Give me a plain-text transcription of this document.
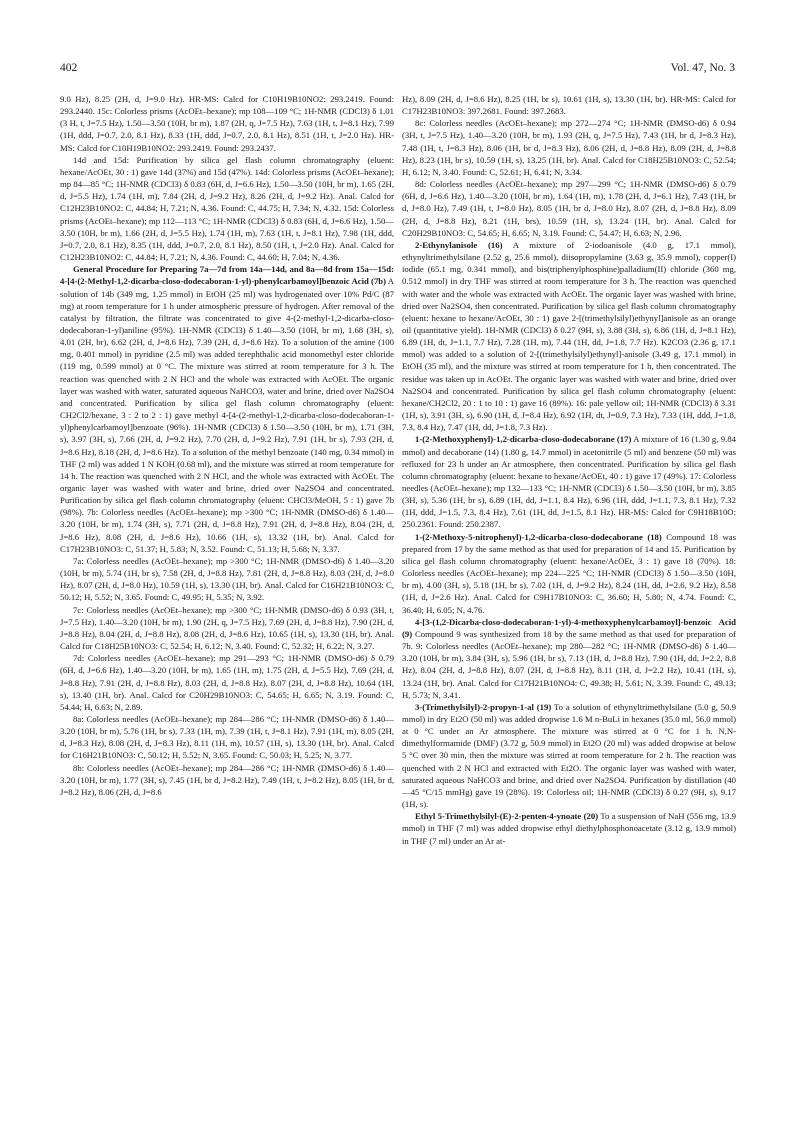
402	Vol. 47, No. 3

9.0 Hz), 8.25 (2H, d, J=9.0 Hz). HR-MS: Calcd for C10H19B10NO2: 293.2419. Found: 293.2440. 15c: Colorless prisms (AcOEt–hexane); mp 108—109 °C; 1H-NMR (CDCl3) δ 1.01 (3 H, t, J=7.5 Hz), 1.50—3.50 (10H, br m), 1.87 (2H, q, J=7.5 Hz), 7.63 (1H, t, J=8.1 Hz), 7.99 (1H, ddd, J=0.7, 2.0, 8.1 Hz), 8.33 (1H, ddd, J=0.7, 2.0, 8.1 Hz), 8.51 (1H, t, J=2.0 Hz). HR-MS: Calcd for C10H19B10NO2: 293.2419. Found: 293.2437.

14d and 15d: Purification by silica gel flash column chromatography (eluent: hexane/AcOEt, 30 : 1) gave 14d (37%) and 15d (47%). 14d: Colorless prisms (AcOEt–hexane); mp 84—85 °C; 1H-NMR (CDCl3) δ 0.83 (6H, d, J=6.6 Hz), 1.50—3.50 (10H, br m), 1.65 (2H, d, J=5.5 Hz), 1.74 (1H, m), 7.84 (2H, d, J=9.2 Hz), 8.26 (2H, d, J=9.2 Hz). Anal. Calcd for C12H23B10NO2: C, 44.84; H, 7.21; N, 4.36. Found: C, 44.75; H, 7.34; N, 4.32. 15d: Colorless prisms (AcOEt–hexane); mp 112—113 °C; 1H-NMR (CDCl3) δ 0.83 (6H, d, J=6.6 Hz), 1.50—3.50 (10H, br m), 1.66 (2H, d, J=5.5 Hz), 1.74 (1H, m), 7.63 (1H, t, J=8.1 Hz), 7.98 (1H, ddd, J=0.7, 2.0, 8.1 Hz), 8.35 (1H, ddd, J=0.7, 2.0, 8.1 Hz), 8.50 (1H, t, J=2.0 Hz). Anal. Calcd for C12H23B10NO2: C, 44.84; H, 7.21; N, 4.36. Found: C, 44.60; H, 7.04; N, 4.36.

General Procedure for Preparing 7a—7d from 14a—14d, and 8a—8d from 15a—15d: 4-[4-(2-Methyl-1,2-dicarba-closo-dodecaboran-1-yl)-phenylcarbamoyl]benzoic Acid (7b) A solution of 14b (349 mg, 1.25 mmol) in EtOH (25 ml) was hydrogenated over 10% Pd/C (87 mg) at room temperature for 1 h under atmospheric pressure of hydrogen. After removal of the catalyst by filtration, the filtrate was concentrated to give 4-(2-methyl-1,2-dicarba-closo-dodecaboran-1-yl)aniline (95%). 1H-NMR (CDCl3) δ 1.40—3.50 (10H, br m), 1.68 (3H, s), 4.01 (2H, br), 6.62 (2H, d, J=8.6 Hz), 7.39 (2H, d, J=8.6 Hz). To a solution of the amine (100 mg, 0.401 mmol) in pyridine (2.5 ml) was added terephthalic acid monomethyl ester chloride (119 mg, 0.599 mmol) at 0 °C. The mixture was stirred at room temperature for 3 h. The reaction was quenched with 2 N HCl and the whole was extracted with AcOEt. The organic layer was washed with water, saturated aqueous NaHCO3, water and brine, dried over Na2SO4 and concentrated. Purification by silica gel flash column chromatography (eluent: CH2Cl2/hexane, 3 : 2 to 2 : 1) gave methyl 4-[4-(2-methyl-1,2-dicarba-closo-dodecaboran-1-yl)phenylcarbamoyl]benzoate (96%). 1H-NMR (CDCl3) δ 1.50—3.50 (10H, br m), 1.71 (3H, s), 3.97 (3H, s), 7.66 (2H, d, J=9.2 Hz), 7.70 (2H, d, J=9.2 Hz), 7.91 (1H, br s), 7.93 (2H, d, J=8.6 Hz), 8.18 (2H, d, J=8.6 Hz). To a solution of the methyl benzoate (140 mg, 0.34 mmol) in THF (2 ml) was added 1 N KOH (0.68 ml), and the mixture was stirred at room temperature for 14 h. The reaction was quenched with 2 N HCl, and the whole was extracted with AcOEt. The organic layer was washed with water and brine, dried over Na2SO4 and concentrated. Purification by silica gel flash column chromatography (eluent: CHCl3/MeOH, 5 : 1) gave 7b (98%). 7b: Colorless needles (AcOEt–hexane); mp >300 °C; 1H-NMR (DMSO-d6) δ 1.40—3.20 (10H, br m), 1.74 (3H, s), 7.71 (2H, d, J=8.8 Hz), 7.91 (2H, d, J=8.8 Hz), 8.04 (2H, d, J=8.6 Hz), 8.08 (2H, d, J=8.6 Hz), 10.66 (1H, s), 13.32 (1H, br). Anal. Calcd for C17H23B10NO3: C, 51.37; H, 5.83; N, 3.52. Found: C, 51.13; H, 5.68; N, 3.37.

7a: Colorless needles (AcOEt–hexane); mp >300 °C; 1H-NMR (DMSO-d6) δ 1.40—3.20 (10H, br m), 5.74 (1H, br s), 7.58 (2H, d, J=8.8 Hz), 7.81 (2H, d, J=8.8 Hz), 8.03 (2H, d, J=8.0 Hz), 8.07 (2H, d, J=8.0 Hz), 10.59 (1H, s), 13.30 (1H, br). Anal. Calcd for C16H21B10NO3: C, 50.12; H, 5.52; N, 3.65. Found: C, 49.95; H, 5.35; N, 3.92.

7c: Colorless needles (AcOEt–hexane); mp >300 °C; 1H-NMR (DMSO-d6) δ 0.93 (3H, t, J=7.5 Hz), 1.40—3.20 (10H, br m), 1.90 (2H, q, J=7.5 Hz), 7.69 (2H, d, J=8.8 Hz), 7.90 (2H, d, J=8.8 Hz), 8.04 (2H, d, J=8.8 Hz), 8.08 (2H, d, J=8.6 Hz), 10.65 (1H, s), 13.30 (1H, br). Anal. Calcd for C18H25B10NO3: C, 52.54; H, 6.12; N, 3.40. Found: C, 52.32; H, 6.22; N, 3.27.

7d: Colorless needles (AcOEt–hexane); mp 291—293 °C; 1H-NMR (DMSO-d6) δ 0.79 (6H, d, J=6.6 Hz), 1.40—3.20 (10H, br m), 1.65 (1H, m), 1.75 (2H, d, J=5.5 Hz), 7.69 (2H, d, J=8.8 Hz), 7.91 (2H, d, J=8.8 Hz), 8.03 (2H, d, J=8.8 Hz), 8.07 (2H, d, J=8.8 Hz), 10.64 (1H, s), 13.40 (1H, br). Anal. Calcd for C20H29B10NO3: C, 54.65; H, 6.65; N, 3.19. Found: C, 54.44; H, 6.63; N, 2.89.

8a: Colorless needles (AcOEt–hexane); mp 284—286 °C; 1H-NMR (DMSO-d6) δ 1.40—3.20 (10H, br m), 5.76 (1H, br s), 7.33 (1H, m), 7.39 (1H, t, J=8.1 Hz), 7.91 (1H, m), 8.05 (2H, d, J=8.3 Hz), 8.08 (2H, d, J=8.3 Hz), 8.11 (1H, m), 10.57 (1H, s), 13.30 (1H, br). Anal. Calcd for C16H21B10NO3: C, 50.12; H, 5.52; N, 3.65. Found: C, 50.03; H, 5.25; N, 3.77.

8b: Colorless needles (AcOEt–hexane); mp 284—286 °C; 1H-NMR (DMSO-d6) δ 1.40—3.20 (10H, br m), 1.77 (3H, s), 7.45 (1H, br d, J=8.2 Hz), 7.49 (1H, t, J=8.2 Hz), 8.05 (1H, br d, J=8.2 Hz), 8.06 (2H, d, J=8.6

Hz), 8.09 (2H, d, J=8.6 Hz), 8.25 (1H, br s), 10.61 (1H, s), 13.30 (1H, br). HR-MS: Calcd for C17H23B10NO3: 397.2681. Found: 397.2683.

8c: Colorless needles (AcOEt–hexane); mp 272—274 °C; 1H-NMR (DMSO-d6) δ 0.94 (3H, t, J=7.5 Hz), 1.40—3.20 (10H, br m), 1.93 (2H, q, J=7.5 Hz), 7.43 (1H, br d, J=8.3 Hz), 7.48 (1H, t, J=8.3 Hz), 8.06 (1H, br d, J=8.3 Hz), 8.06 (2H, d, J=8.8 Hz), 8.09 (2H, d, J=8.8 Hz), 8.23 (1H, br s), 10.59 (1H, s), 13.25 (1H, br). Anal. Calcd for C18H25B10NO3: C, 52.54; H, 6.12; N, 3.40. Found: C, 52.61; H, 6.41; N, 3.34.

8d: Colorless needles (AcOEt–hexane); mp 297—299 °C; 1H-NMR (DMSO-d6) δ 0.79 (6H, d, J=6.6 Hz), 1.40—3.20 (10H, br m), 1.64 (1H, m), 1.78 (2H, d, J=6.1 Hz), 7.43 (1H, br d, J=8.0 Hz), 7.49 (1H, t, J=8.0 Hz), 8.05 (1H, br d, J=8.0 Hz), 8.07 (2H, d, J=8.8 Hz), 8.09 (2H, d, J=8.8 Hz), 8.21 (1H, brs), 10.59 (1H, s), 13.24 (1H, br). Anal. Calcd for C20H29B10NO3: C, 54.65; H, 6.65; N, 3.19. Found: C, 54.47; H, 6.63; N, 2.96.

2-Ethynylanisole (16) A mixture of 2-iodoanisole (4.0 g, 17.1 mmol), ethynyltrimethylsilane (2.52 g, 25.6 mmol), diisopropylamine (3.63 g, 35.9 mmol), copper(I) iodide (65.1 mg, 0.341 mmol), and bis(triphenylphosphine)palladium(II) chloride (360 mg, 0.512 mmol) in dry THF was stirred at room temperature for 3 h. The reaction was quenched with water and the whole was extracted with AcOEt. The organic layer was washed with brine, dried over Na2SO4, then concentrated. Purification by silica gel flash column chromatography (eluent: hexane to hexane/AcOEt, 30 : 1) gave 2-[(trimethylsilyl)ethynyl]anisole as an orange oil (quantitative yield). 1H-NMR (CDCl3) δ 0.27 (9H, s), 3.88 (3H, s), 6.86 (1H, d, J=8.1 Hz), 6.89 (1H, dt, J=1.1, 7.7 Hz), 7.28 (1H, m), 7.44 (1H, dd, J=1.8, 7.7 Hz). K2CO3 (2.36 g, 17.1 mmol) was added to a solution of 2-[(trimethylsilyl)ethynyl]-anisole (3.49 g, 17.1 mmol) in EtOH (35 ml), and the mixture was stirred at room temperature for 1 h, then concentrated. The residue was taken up in AcOEt. The organic layer was washed with water and brine, dried over Na2SO4 and concentrated. Purification by silica gel flash column chromatography (eluent: hexane/CH2Cl2, 20 : 1 to 10 : 1) gave 16 (89%). 16: pale yellow oil; 1H-NMR (CDCl3) δ 3.31 (1H, s), 3.91 (3H, s), 6.90 (1H, d, J=8.4 Hz), 6.92 (1H, dt, J=0.9, 7.3 Hz), 7.33 (1H, ddd, J=1.8, 7.3, 8.4 Hz), 7.47 (1H, dd, J=1.8, 7.3 Hz).

1-(2-Methoxyphenyl)-1,2-dicarba-closo-dodecaborane (17) A mixture of 16 (1.30 g, 9.84 mmol) and decaborane (14) (1.80 g, 14.7 mmol) in acetonitrile (5 ml) and benzene (50 ml) was refluxed for 23 h under an Ar atmosphere, then concentrated. Purification by silica gel flash column chromatography (eluent: hexane to hexane/AcOEt, 40 : 1) gave 17 (49%). 17: Colorless needles (AcOEt–hexane); mp 132—133 °C; 1H-NMR (CDCl3) δ 1.50—3.50 (10H, br m), 3.85 (3H, s), 5.36 (1H, br s), 6.89 (1H, dd, J=1.1, 8.4 Hz), 6.96 (1H, ddd, J=1.1, 7.3, 8.1 Hz), 7.32 (1H, ddd, J=1.5, 7.3, 8.4 Hz), 7.61 (1H, dd, J=1.5, 8.1 Hz). HR-MS: Calcd for C9H18B10O: 250.2361. Found: 250.2387.

1-(2-Methoxy-5-nitrophenyl)-1,2-dicarba-closo-dodecaborane (18) Compound 18 was prepared from 17 by the same method as that used for preparation of 14 and 15. Purification by silica gel flash column chromatography (eluent: hexane/AcOEt, 3 : 1) gave 18 (70%). 18: Colorless needles (AcOEt–hexane); mp 224—225 °C; 1H-NMR (CDCl3) δ 1.50—3.50 (10H, br m), 4.00 (3H, s), 5.18 (1H, br s), 7.02 (1H, d, J=9.2 Hz), 8.24 (1H, dd, J=2.6, 9.2 Hz), 8.58 (1H, d, J=2.6 Hz). Anal. Calcd for C9H17B10NO3: C, 36.60; H, 5.80; N, 4.74. Found: C, 36.40; H, 6.05; N, 4.76.

4-[3-(1,2-Dicarba-closo-dodecaboran-1-yl)-4-methoxyphenylcarbamoyl]-benzoic Acid (9) Compound 9 was synthesized from 18 by the same method as that used for preparation of 7b. 9: Colorless needles (AcOEt–hexane); mp 280—282 °C; 1H-NMR (DMSO-d6) δ 1.40—3.20 (10H, br m), 3.84 (3H, s), 5.96 (1H, br s), 7.13 (1H, d, J=8.8 Hz), 7.90 (1H, dd, J=2.2, 8.8 Hz), 8.04 (2H, d, J=8.8 Hz), 8.07 (2H, d, J=8.8 Hz), 8.11 (1H, d, J=2.2 Hz), 10.41 (1H, s), 13.24 (1H, br). Anal. Calcd for C17H21B10NO4: C, 49.38; H, 5.61; N, 3.39. Found: C, 49.13; H, 5.73; N, 3.41.

3-(Trimethylsilyl)-2-propyn-1-al (19) To a solution of ethynyltrimethylsilane (5.0 g, 50.9 mmol) in dry Et2O (50 ml) was added dropwise 1.6 M n-BuLi in hexanes (35.0 ml, 56.0 mmol) at 0 °C under an Ar atmosphere. The mixture was stirred at 0 °C for 1 h. N,N-dimethylformamide (DMF) (3.72 g, 50.9 mmol) in Et2O (20 ml) was added dropwise at below 5 °C over 30 min, then the mixture was stirred at room temperature for 2 h. The reaction was quenched with 2 N HCl and extracted with Et2O. The organic layer was washed with water, saturated aqueous NaHCO3 and brine, and dried over Na2SO4. Purification by distillation (40—45 °C/15 mmHg) gave 19 (28%). 19: Colorless oil; 1H-NMR (CDCl3) δ 0.27 (9H, s), 9.17 (1H, s).

Ethyl 5-Trimethylsilyl-(E)-2-penten-4-ynoate (20) To a suspension of NaH (556 mg, 13.9 mmol) in THF (7 ml) was added dropwise ethyl diethylphosphonoacetate (3.12 g, 13.9 mmol) in THF (7 ml) under an Ar at-
